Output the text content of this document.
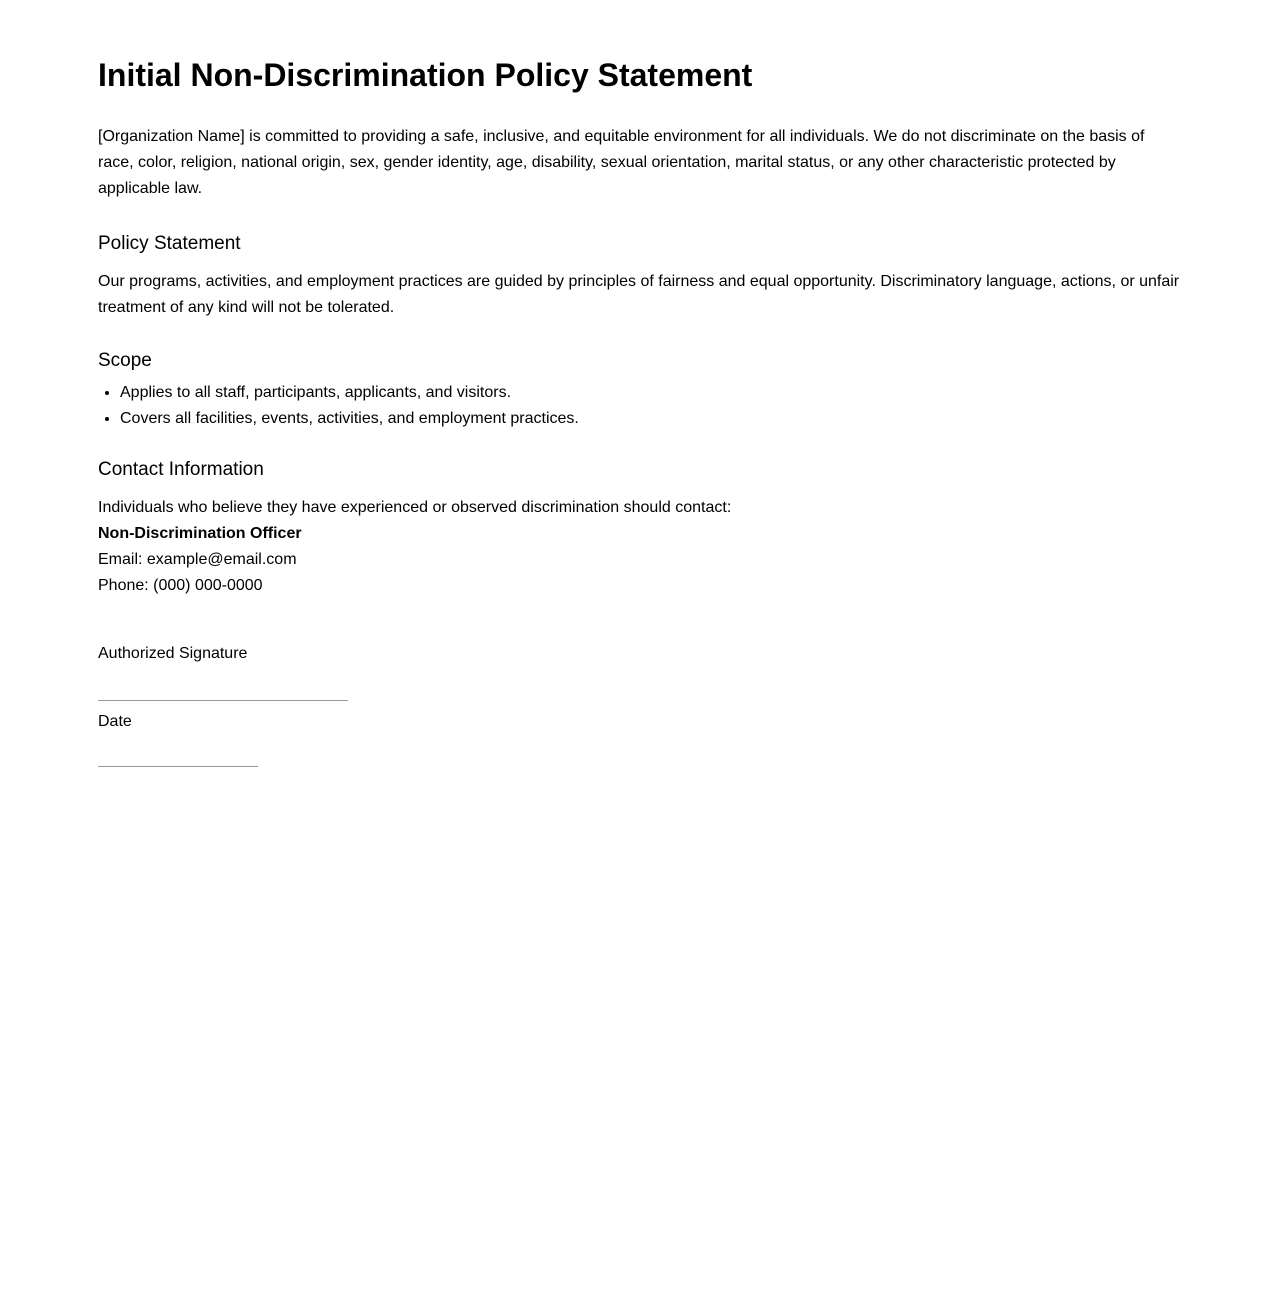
Initial Non-Discrimination Policy Statement

[Organization Name] is committed to providing a safe, inclusive, and equitable environment for all individuals. We do not discriminate on the basis of race, color, religion, national origin, sex, gender identity, age, disability, sexual orientation, marital status, or any other characteristic protected by applicable law.

Policy Statement

Our programs, activities, and employment practices are guided by principles of fairness and equal opportunity. Discriminatory language, actions, or unfair treatment of any kind will not be tolerated.

Scope
• Applies to all staff, participants, applicants, and visitors.
• Covers all facilities, events, activities, and employment practices.
Contact Information

Individuals who believe they have experienced or observed discrimination should contact:

Non-Discrimination Officer

Email: example@email.com

Phone: (000) 000-0000

Authorized Signature

Date
